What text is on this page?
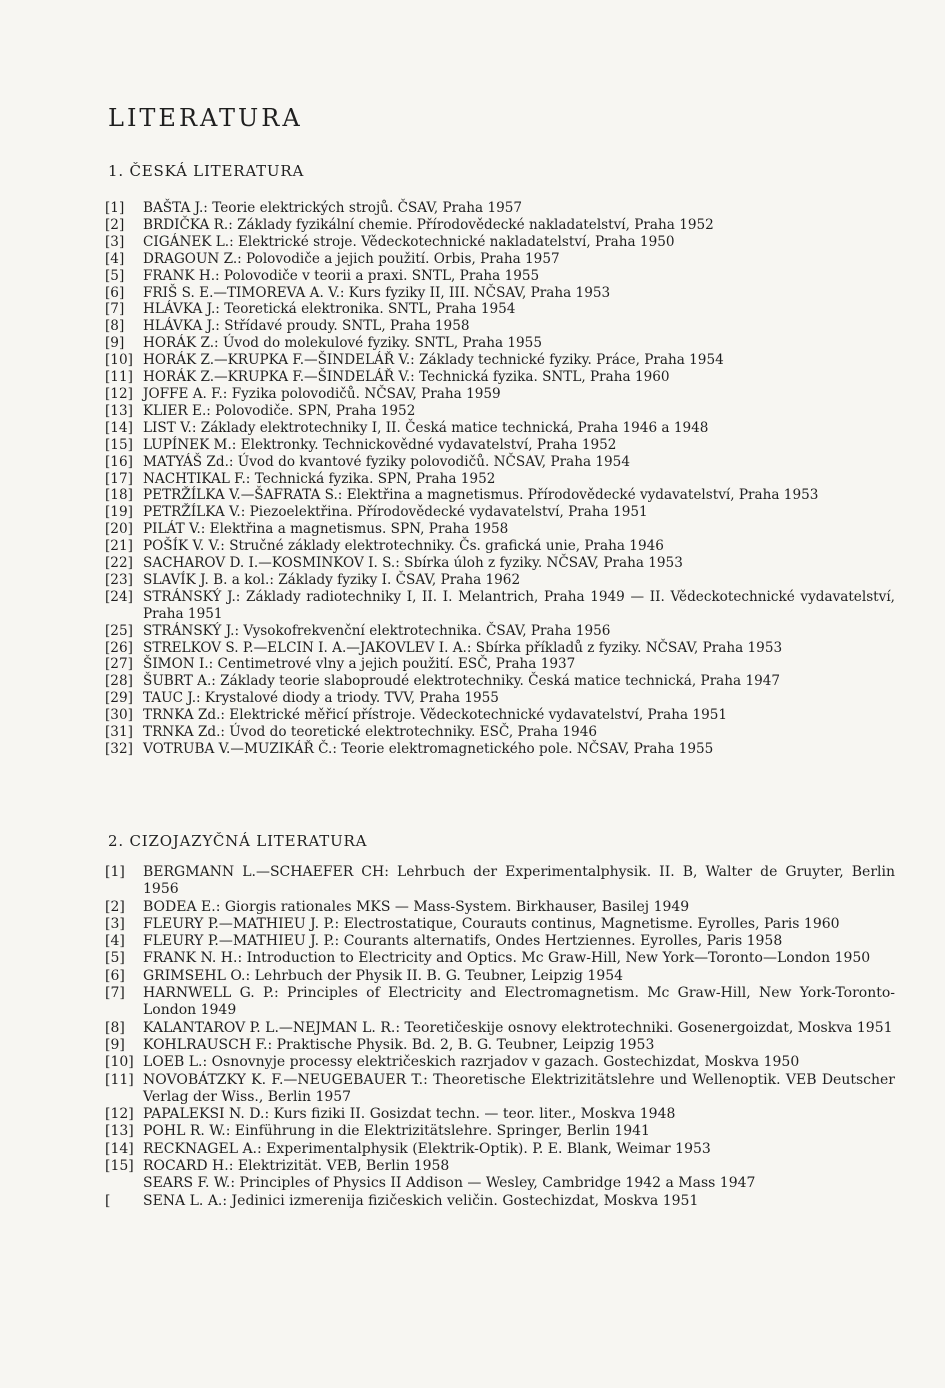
LITERATURA
1. ČESKÁ LITERATURA
[1]	BAŠTA J.: Teorie elektrických strojů. ČSAV, Praha 1957
[2]	BRDIČKA R.: Základy fyzikální chemie. Přírodovědecké nakladatelství, Praha 1952
[3]	CIGÁNEK L.: Elektrické stroje. Vědeckotechnické nakladatelství, Praha 1950
[4]	DRAGOUN Z.: Polovodiče a jejich použití. Orbis, Praha 1957
[5]	FRANK H.: Polovodiče v teorii a praxi. SNTL, Praha 1955
[6]	FRIŠ S. E.—TIMOREVA A. V.: Kurs fyziky II, III. NČSAV, Praha 1953
[7]	HLÁVKA J.: Teoretická elektronika. SNTL, Praha 1954
[8]	HLÁVKA J.: Střídavé proudy. SNTL, Praha 1958
[9]	HORÁK Z.: Úvod do molekulové fyziky. SNTL, Praha 1955
[10] HORÁK Z.—KRUPKA F.—ŠINDELÁŘ V.: Základy technické fyziky. Práce, Praha 1954
[11] HORÁK Z.—KRUPKA F.—ŠINDELÁŘ V.: Technická fyzika. SNTL, Praha 1960
[12] JOFFE A. F.: Fyzika polovodičů. NČSAV, Praha 1959
[13] KLIER E.: Polovodiče. SPN, Praha 1952
[14] LIST V.: Základy elektrotechniky I, II. Česká matice technická, Praha 1946 a 1948
[15] LUPÍNEK M.: Elektronky. Technickovědné vydavatelství, Praha 1952
[16] MATYÁŠ Zd.: Úvod do kvantové fyziky polovodičů. NČSAV, Praha 1954
[17] NACHTIKAL F.: Technická fyzika. SPN, Praha 1952
[18] PETRŽÍLKA V.—ŠAFRATA S.: Elektřina a magnetismus. Přírodovědecké vydavatelství, Praha 1953
[19] PETRŽÍLKA V.: Piezoelektřina. Přírodovědecké vydavatelství, Praha 1951
[20] PILÁT V.: Elektřina a magnetismus. SPN, Praha 1958
[21] POŠÍK V. V.: Stručné základy elektrotechniky. Čs. grafická unie, Praha 1946
[22] SACHAROV D. I.—KOSMINKOV I. S.: Sbírka úloh z fyziky. NČSAV, Praha 1953
[23] SLAVÍK J. B. a kol.: Základy fyziky I. ČSAV, Praha 1962
[24] STRÁNSKÝ J.: Základy radiotechniky I, II. I. Melantrich, Praha 1949 — II. Vědeckotechnické vydavatelství, Praha 1951
[25] STRÁNSKÝ J.: Vysokofrekvenční elektrotechnika. ČSAV, Praha 1956
[26] STRELKOV S. P.—ELCIN I. A.—JAKOVLEV I. A.: Sbírka příkladů z fyziky. NČSAV, Praha 1953
[27] ŠIMON I.: Centimetrové vlny a jejich použití. ESČ, Praha 1937
[28] ŠUBRT A.: Základy teorie slaboproudé elektrotechniky. Česká matice technická, Praha 1947
[29] TAUC J.: Krystalové diody a triody. TVV, Praha 1955
[30] TRNKA Zd.: Elektrické měřicí přístroje. Vědeckotechnické vydavatelství, Praha 1951
[31] TRNKA Zd.: Úvod do teoretické elektrotechniky. ESČ, Praha 1946
[32] VOTRUBA V.—MUZIKÁŘ Č.: Teorie elektromagnetického pole. NČSAV, Praha 1955
2. CIZOJAZYČNÁ LITERATURA
[1]	BERGMANN L.—SCHAEFER CH: Lehrbuch der Experimentalphysik. II. B, Walter de Gruyter, Berlin 1956
[2]	BODEA E.: Giorgis rationales MKS — Mass-System. Birkhauser, Basilej 1949
[3]	FLEURY P.—MATHIEU J. P.: Electrostatique, Courauts continus, Magnetisme. Eyrolles, Paris 1960
[4]	FLEURY P.—MATHIEU J. P.: Courants alternatifs, Ondes Hertziennes. Eyrolles, Paris 1958
[5]	FRANK N. H.: Introduction to Electricity and Optics. Mc Graw-Hill, New York—Toronto—London 1950
[6]	GRIMSEHL O.: Lehrbuch der Physik II. B. G. Teubner, Leipzig 1954
[7]	HARNWELL G. P.: Principles of Electricity and Electromagnetism. Mc Graw-Hill, New York-Toronto-London 1949
[8]	KALANTAROV P. L.—NEJMAN L. R.: Teoretičeskije osnovy elektrotechniki. Gosenergoizdat, Moskva 1951
[9]	KOHLRAUSCH F.: Praktische Physik. Bd. 2, B. G. Teubner, Leipzig 1953
[10] LOEB L.: Osnovnyje processy električeskich razrjadov v gazach. Gostechizdat, Moskva 1950
[11] NOVOBÁTZKY K. F.—NEUGEBAUER T.: Theoretische Elektrizitätslehre und Wellenoptik. VEB Deutscher Verlag der Wiss., Berlin 1957
[12] PAPALEKSI N. D.: Kurs fiziki II. Gosizdat techn. — teor. liter., Moskva 1948
[13] POHL R. W.: Einführung in die Elektrizitätslehre. Springer, Berlin 1941
[14] RECKNAGEL A.: Experimentalphysik (Elektrik-Optik). P. E. Blank, Weimar 1953
[15] ROCARD H.: Elektrizität. VEB, Berlin 1958
SEARS F. W.: Principles of Physics II Addison — Wesley, Cambridge 1942 a Mass 1947
[	SENA L. A.: Jedinici izmerenija fizičeskich veličin. Gostechizdat, Moskva 1951
